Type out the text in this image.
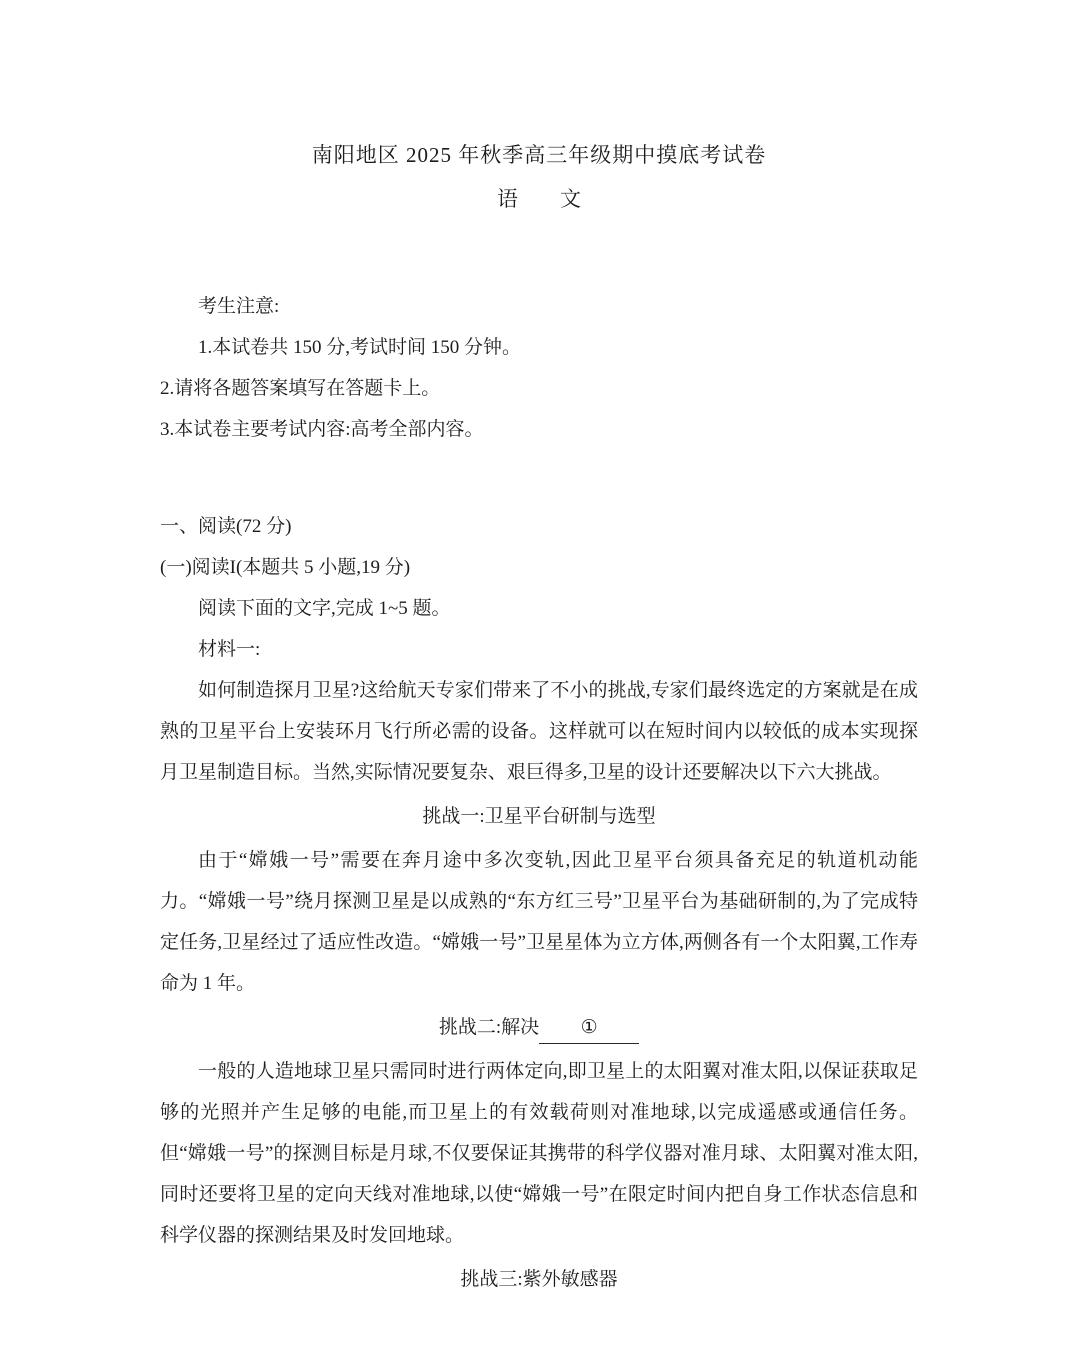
南阳地区 2025 年秋季高三年级期中摸底考试卷
语　　文
考生注意:
1.本试卷共 150 分,考试时间 150 分钟。
2.请将各题答案填写在答题卡上。
3.本试卷主要考试内容:高考全部内容。
一、阅读(72 分)
(一)阅读I(本题共 5 小题,19 分)
阅读下面的文字,完成 1~5 题。
材料一:
如何制造探月卫星?这给航天专家们带来了不小的挑战,专家们最终选定的方案就是在成熟的卫星平台上安装环月飞行所必需的设备。这样就可以在短时间内以较低的成本实现探月卫星制造目标。当然,实际情况要复杂、艰巨得多,卫星的设计还要解决以下六大挑战。
挑战一:卫星平台研制与选型
由于“嫦娥一号”需要在奔月途中多次变轨,因此卫星平台须具备充足的轨道机动能力。“嫦娥一号”绕月探测卫星是以成熟的“东方红三号”卫星平台为基础研制的,为了完成特定任务,卫星经过了适应性改造。“嫦娥一号”卫星星体为立方体,两侧各有一个太阳翼,工作寿命为 1 年。
挑战二:解决 ①
一般的人造地球卫星只需同时进行两体定向,即卫星上的太阳翼对准太阳,以保证获取足够的光照并产生足够的电能,而卫星上的有效载荷则对准地球,以完成遥感或通信任务。但“嫦娥一号”的探测目标是月球,不仅要保证其携带的科学仪器对准月球、太阳翼对准太阳,同时还要将卫星的定向天线对准地球,以使“嫦娥一号”在限定时间内把自身工作状态信息和科学仪器的探测结果及时发回地球。
挑战三:紫外敏感器
